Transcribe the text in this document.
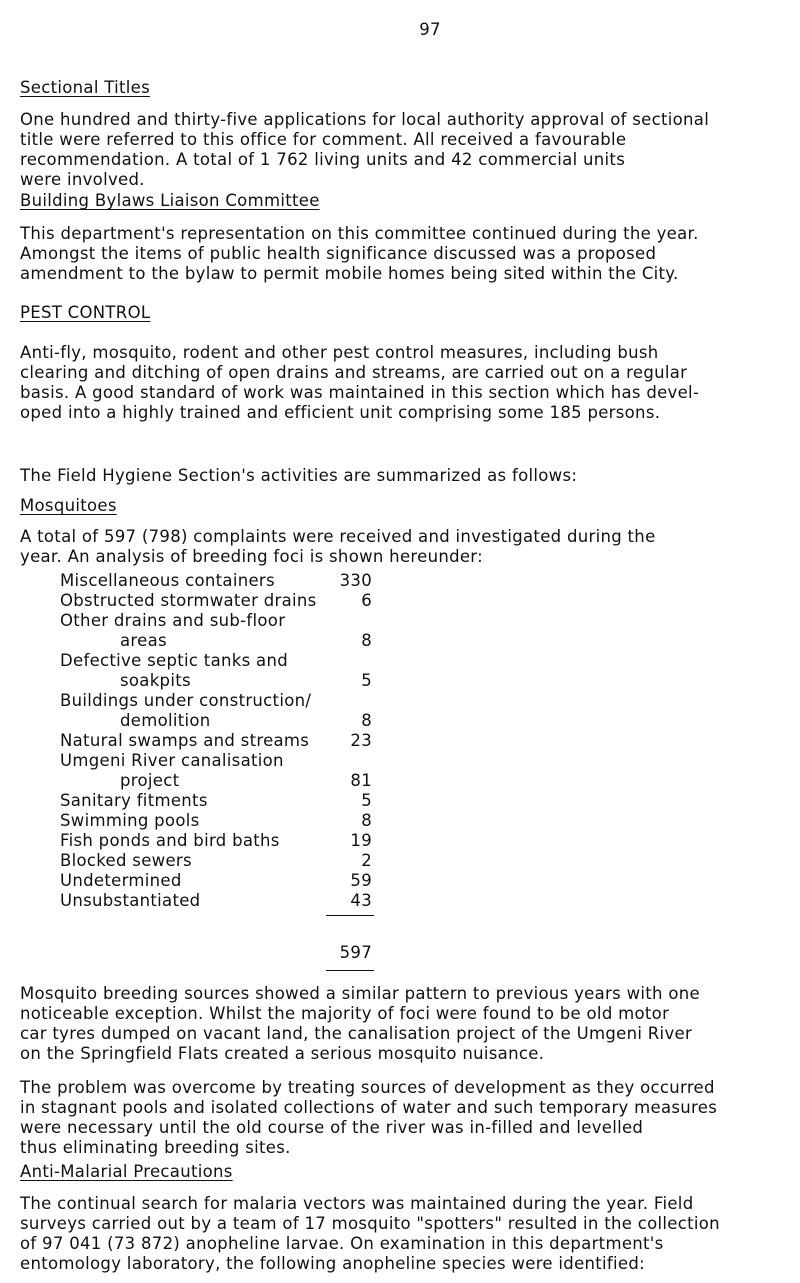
97
Sectional Titles
One hundred and thirty-five applications for local authority approval of sectional
title were referred to this office for comment. All received a favourable
recommendation. A total of 1 762 living units and 42 commercial units
were involved.
Building Bylaws Liaison Committee
This department's representation on this committee continued during the year.
Amongst the items of public health significance discussed was a proposed
amendment to the bylaw to permit mobile homes being sited within the City.
PEST CONTROL
Anti-fly, mosquito, rodent and other pest control measures, including bush
clearing and ditching of open drains and streams, are carried out on a regular
basis. A good standard of work was maintained in this section which has devel-
oped into a highly trained and efficient unit comprising some 185 persons.
The Field Hygiene Section's activities are summarized as follows:
Mosquitoes
A total of 597 (798) complaints were received and investigated during the
year. An analysis of breeding foci is shown hereunder:
Miscellaneous containers	330
Obstructed stormwater drains	6
Other drains and sub-floor
areas	8
Defective septic tanks and
soakpits	5
Buildings under construction/
demolition	8
Natural swamps and streams 23
Umgeni River canalisation
project	81
Sanitary fitments	5
Swimming pools	8
Fish ponds and bird baths	19
Blocked sewers	2
Undetermined	59
Unsubstantiated	43
597
Mosquito breeding sources showed a similar pattern to previous years with one
noticeable exception. Whilst the majority of foci were found to be old motor
car tyres dumped on vacant land, the canalisation project of the Umgeni River
on the Springfield Flats created a serious mosquito nuisance.
The problem was overcome by treating sources of development as they occurred
in stagnant pools and isolated collections of water and such temporary measures
were necessary until the old course of the river was in-filled and levelled
thus eliminating breeding sites.
Anti-Malarial Precautions
The continual search for malaria vectors was maintained during the year. Field
surveys carried out by a team of 17 mosquito "spotters" resulted in the collection
of 97 041 (73 872) anopheline larvae. On examination in this department's
entomology laboratory, the following anopheline species were identified:
